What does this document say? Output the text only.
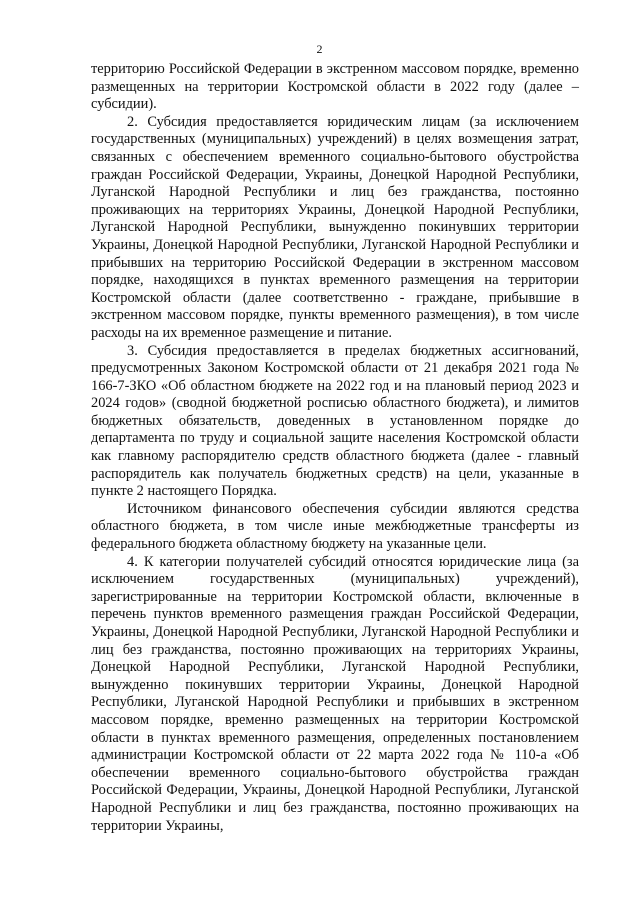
2

территорию Российской Федерации в экстренном массовом порядке, временно размещенных на территории Костромской области в 2022 году (далее – субсидии).

2. Субсидия предоставляется юридическим лицам (за исключением государственных (муниципальных) учреждений) в целях возмещения затрат, связанных с обеспечением временного социально-бытового обустройства граждан Российской Федерации, Украины, Донецкой Народной Республики, Луганской Народной Республики и лиц без гражданства, постоянно проживающих на территориях Украины, Донецкой Народной Республики, Луганской Народной Республики, вынужденно покинувших территории Украины, Донецкой Народной Республики, Луганской Народной Республики и прибывших на территорию Российской Федерации в экстренном массовом порядке, находящихся в пунктах временного размещения на территории Костромской области (далее соответственно - граждане, прибывшие в экстренном массовом порядке, пункты временного размещения), в том числе расходы на их временное размещение и питание.

3. Субсидия предоставляется в пределах бюджетных ассигнований, предусмотренных Законом Костромской области от 21 декабря 2021 года № 166-7-ЗКО «Об областном бюджете на 2022 год и на плановый период 2023 и 2024 годов» (сводной бюджетной росписью областного бюджета), и лимитов бюджетных обязательств, доведенных в установленном порядке до департамента по труду и социальной защите населения Костромской области как главному распорядителю средств областного бюджета (далее - главный распорядитель как получатель бюджетных средств) на цели, указанные в пункте 2 настоящего Порядка.

Источником финансового обеспечения субсидии являются средства областного бюджета, в том числе иные межбюджетные трансферты из федерального бюджета областному бюджету на указанные цели.

4. К категории получателей субсидий относятся юридические лица (за исключением государственных (муниципальных) учреждений), зарегистрированные на территории Костромской области, включенные в перечень пунктов временного размещения граждан Российской Федерации, Украины, Донецкой Народной Республики, Луганской Народной Республики и лиц без гражданства, постоянно проживающих на территориях Украины, Донецкой Народной Республики, Луганской Народной Республики, вынужденно покинувших территории Украины, Донецкой Народной Республики, Луганской Народной Республики и прибывших в экстренном массовом порядке, временно размещенных на территории Костромской области в пунктах временного размещения, определенных постановлением администрации Костромской области от 22 марта 2022 года № 110-а «Об обеспечении временного социально-бытового обустройства граждан Российской Федерации, Украины, Донецкой Народной Республики, Луганской Народной Республики и лиц без гражданства, постоянно проживающих на территории Украины,
